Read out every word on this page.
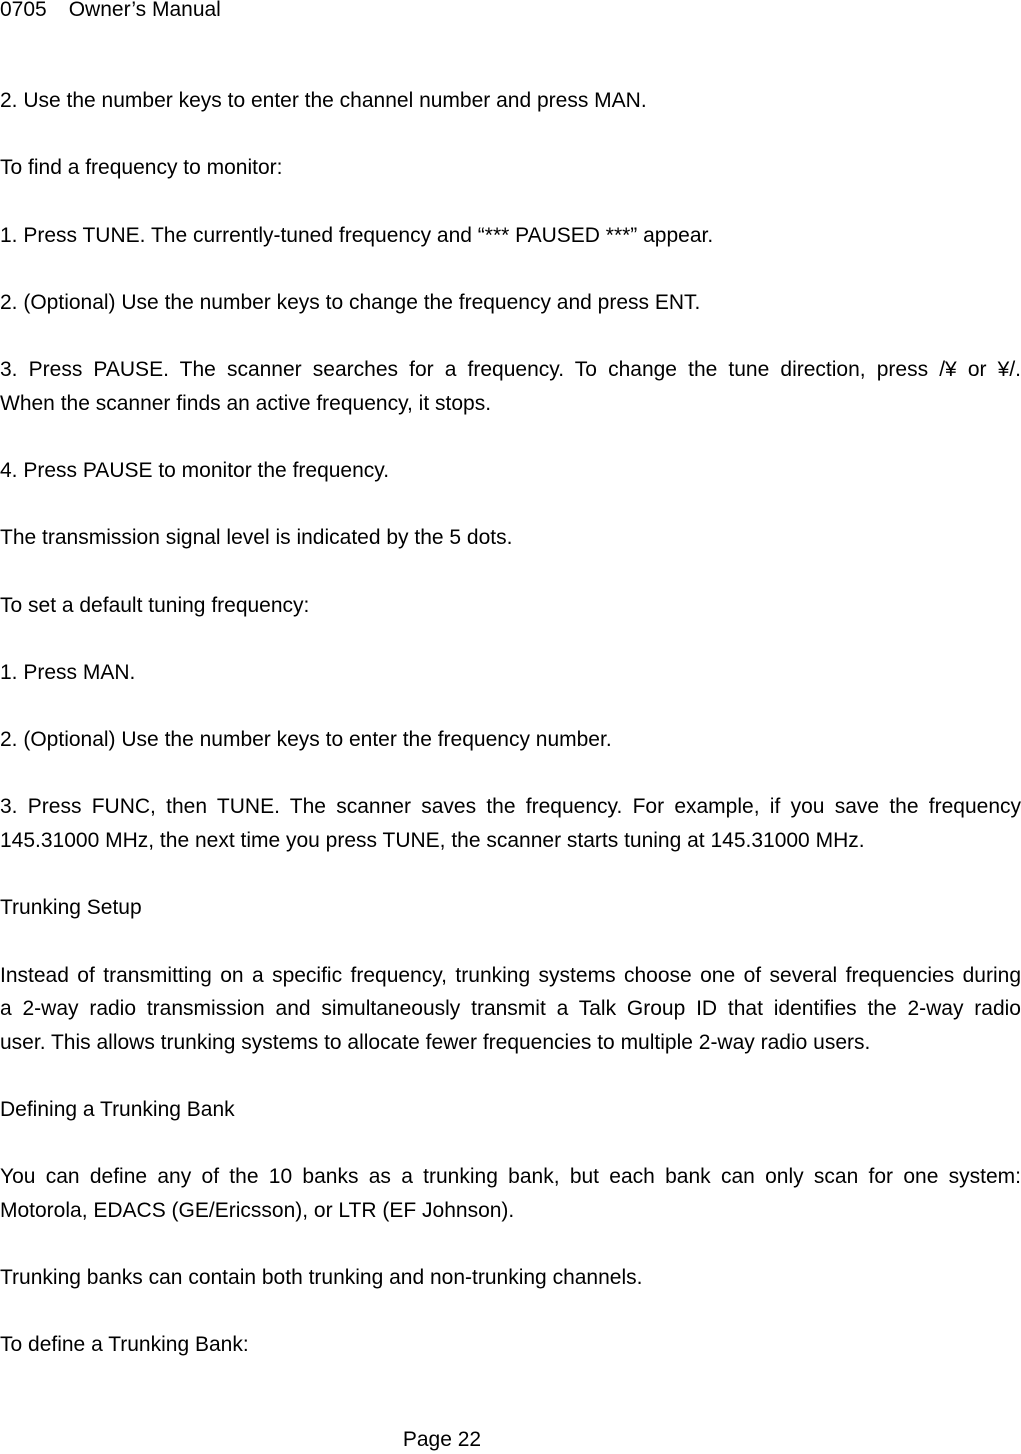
0705 Owner’s Manual
2. Use the number keys to enter the channel number and press MAN.
To find a frequency to monitor:
1. Press TUNE. The currently-tuned frequency and “*** PAUSED ***” appear.
2. (Optional) Use the number keys to change the frequency and press ENT.
3. Press PAUSE. The scanner searches for a frequency. To change the tune direction, press /¥ or ¥/.
When the scanner finds an active frequency, it stops.
4. Press PAUSE to monitor the frequency.
The transmission signal level is indicated by the 5 dots.
To set a default tuning frequency:
1. Press MAN.
2. (Optional) Use the number keys to enter the frequency number.
3. Press FUNC, then TUNE. The scanner saves the frequency. For example, if you save the frequency
145.31000 MHz, the next time you press TUNE, the scanner starts tuning at 145.31000 MHz.
Trunking Setup
Instead of transmitting on a specific frequency, trunking systems choose one of several frequencies during
a 2-way radio transmission and simultaneously transmit a Talk Group ID that identifies the 2-way radio
user. This allows trunking systems to allocate fewer frequencies to multiple 2-way radio users.
Defining a Trunking Bank
You can define any of the 10 banks as a trunking bank, but each bank can only scan for one system:
Motorola, EDACS (GE/Ericsson), or LTR (EF Johnson).
Trunking banks can contain both trunking and non-trunking channels.
To define a Trunking Bank:
Page 22
